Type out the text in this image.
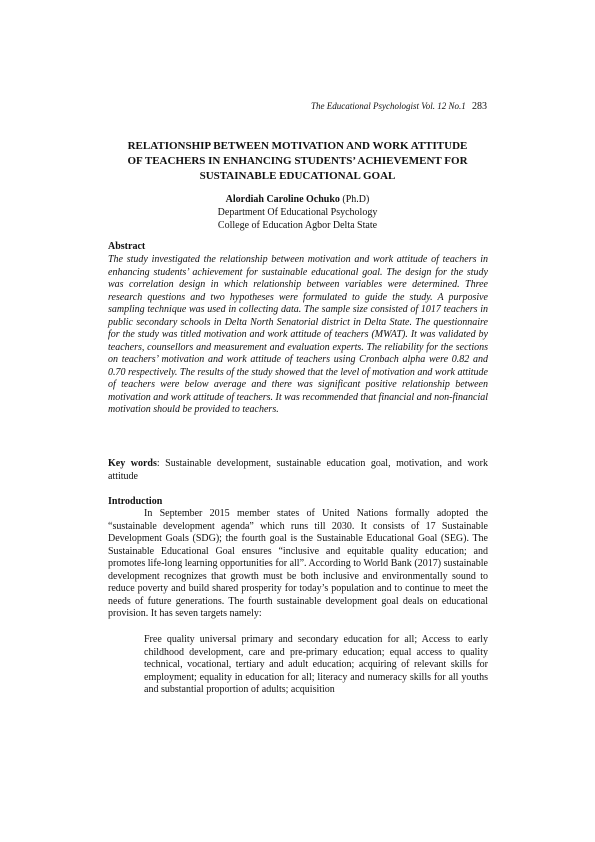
The Educational Psychologist Vol. 12 No.1 283
RELATIONSHIP BETWEEN MOTIVATION AND WORK ATTITUDE
OF TEACHERS IN ENHANCING STUDENTS’ ACHIEVEMENT FOR
SUSTAINABLE EDUCATIONAL GOAL
Alordiah Caroline Ochuko (Ph.D)
Department Of Educational Psychology
College of Education Agbor Delta State
Abstract
The study investigated the relationship between motivation and work attitude of teachers in enhancing students’ achievement for sustainable educational goal. The design for the study was correlation design in which relationship between variables were determined. Three research questions and two hypotheses were formulated to guide the study. A purposive sampling technique was used in collecting data. The sample size consisted of 1017 teachers in public secondary schools in Delta North Senatorial district in Delta State. The questionnaire for the study was titled motivation and work attitude of teachers (MWAT). It was validated by teachers, counsellors and measurement and evaluation experts. The reliability for the sections on teachers’ motivation and work attitude of teachers using Cronbach alpha were 0.82 and 0.70 respectively. The results of the study showed that the level of motivation and work attitude of teachers were below average and there was significant positive relationship between motivation and work attitude of teachers. It was recommended that financial and non-financial motivation should be provided to teachers.
Key words: Sustainable development, sustainable education goal, motivation, and work attitude
Introduction
In September 2015 member states of United Nations formally adopted the “sustainable development agenda” which runs till 2030. It consists of 17 Sustainable Development Goals (SDG); the fourth goal is the Sustainable Educational Goal (SEG). The Sustainable Educational Goal ensures “inclusive and equitable quality education; and promotes life-long learning opportunities for all”. According to World Bank (2017) sustainable development recognizes that growth must be both inclusive and environmentally sound to reduce poverty and build shared prosperity for today’s population and to continue to meet the needs of future generations. The fourth sustainable development goal deals on educational provision. It has seven targets namely:
Free quality universal primary and secondary education for all; Access to early childhood development, care and pre-primary education; equal access to quality technical, vocational, tertiary and adult education; acquiring of relevant skills for employment; equality in education for all; literacy and numeracy skills for all youths and substantial proportion of adults; acquisition
